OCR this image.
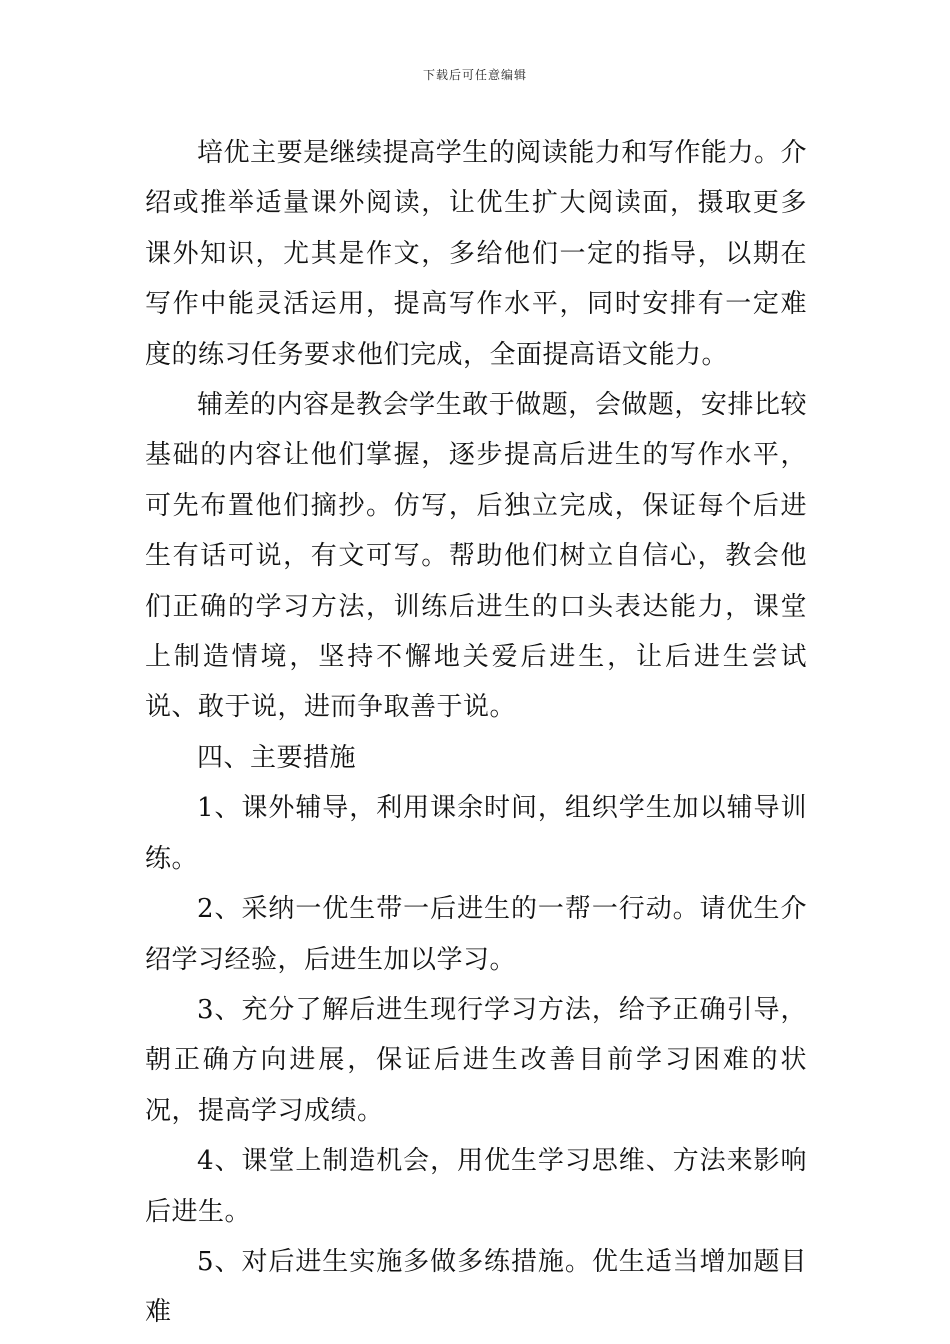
下载后可任意编辑

培优主要是继续提高学生的阅读能力和写作能力。介绍或推举适量课外阅读，让优生扩大阅读面，摄取更多课外知识，尤其是作文，多给他们一定的指导，以期在写作中能灵活运用，提高写作水平，同时安排有一定难度的练习任务要求他们完成，全面提高语文能力。

辅差的内容是教会学生敢于做题，会做题，安排比较基础的内容让他们掌握，逐步提高后进生的写作水平，可先布置他们摘抄。仿写，后独立完成，保证每个后进生有话可说，有文可写。帮助他们树立自信心，教会他们正确的学习方法，训练后进生的口头表达能力，课堂上制造情境，坚持不懈地关爱后进生，让后进生尝试说、敢于说，进而争取善于说。

四、主要措施

1、课外辅导，利用课余时间，组织学生加以辅导训练。

2、采纳一优生带一后进生的一帮一行动。请优生介绍学习经验，后进生加以学习。

3、充分了解后进生现行学习方法，给予正确引导，朝正确方向进展，保证后进生改善目前学习困难的状况，提高学习成绩。

4、课堂上制造机会，用优生学习思维、方法来影响后进生。

5、对后进生实施多做多练措施。优生适当增加题目难
